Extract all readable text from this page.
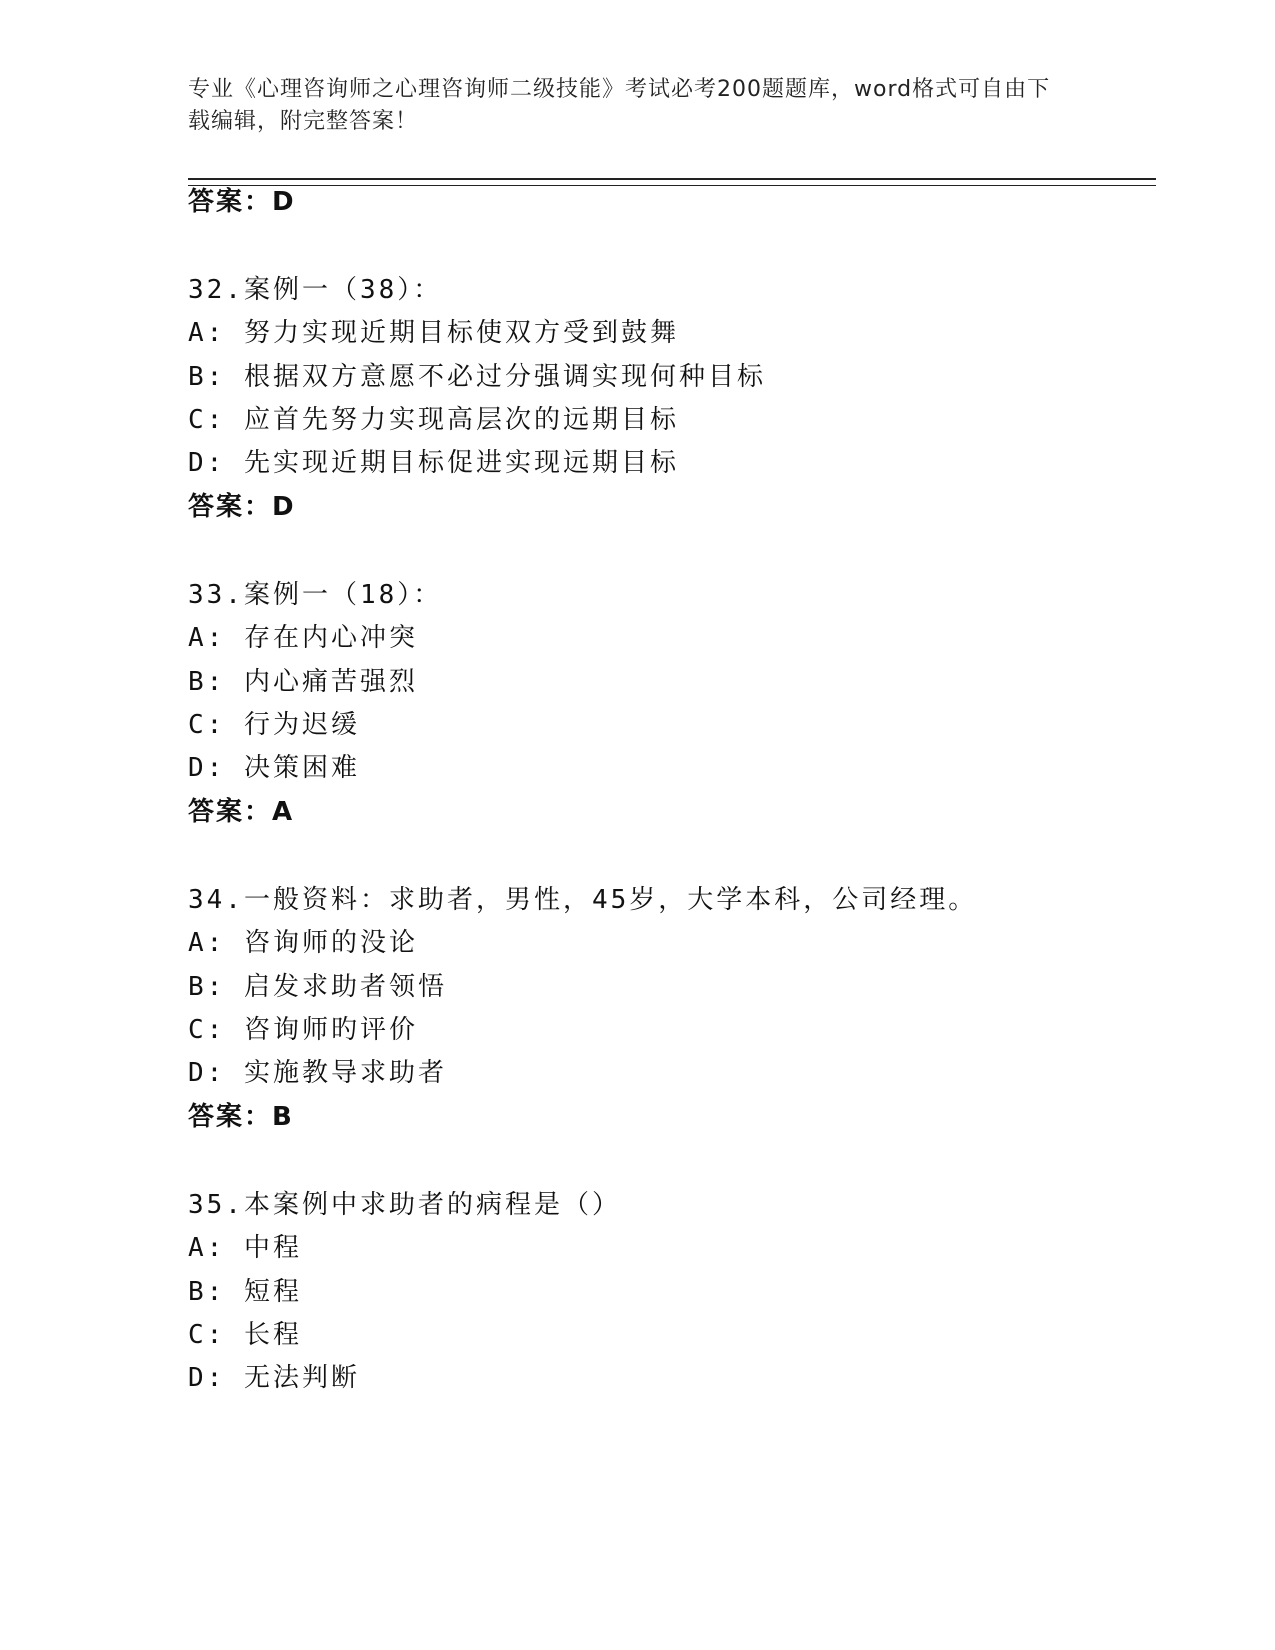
专业《心理咨询师之心理咨询师二级技能》考试必考200题题库，word格式可自由下载编辑，附完整答案！
答案：D
32.案例一（38）：
A: 努力实现近期目标使双方受到鼓舞
B: 根据双方意愿不必过分强调实现何种目标
C: 应首先努力实现高层次的远期目标
D: 先实现近期目标促进实现远期目标
答案：D
33.案例一（18）：
A: 存在内心冲突
B: 内心痛苦强烈
C: 行为迟缓
D: 决策困难
答案：A
34.一般资料：求助者，男性，45岁，大学本科，公司经理。
A: 咨询师的没论
B: 启发求助者领悟
C: 咨询师旳评价
D: 实施教导求助者
答案：B
35.本案例中求助者的病程是（）
A: 中程
B: 短程
C: 长程
D: 无法判断
